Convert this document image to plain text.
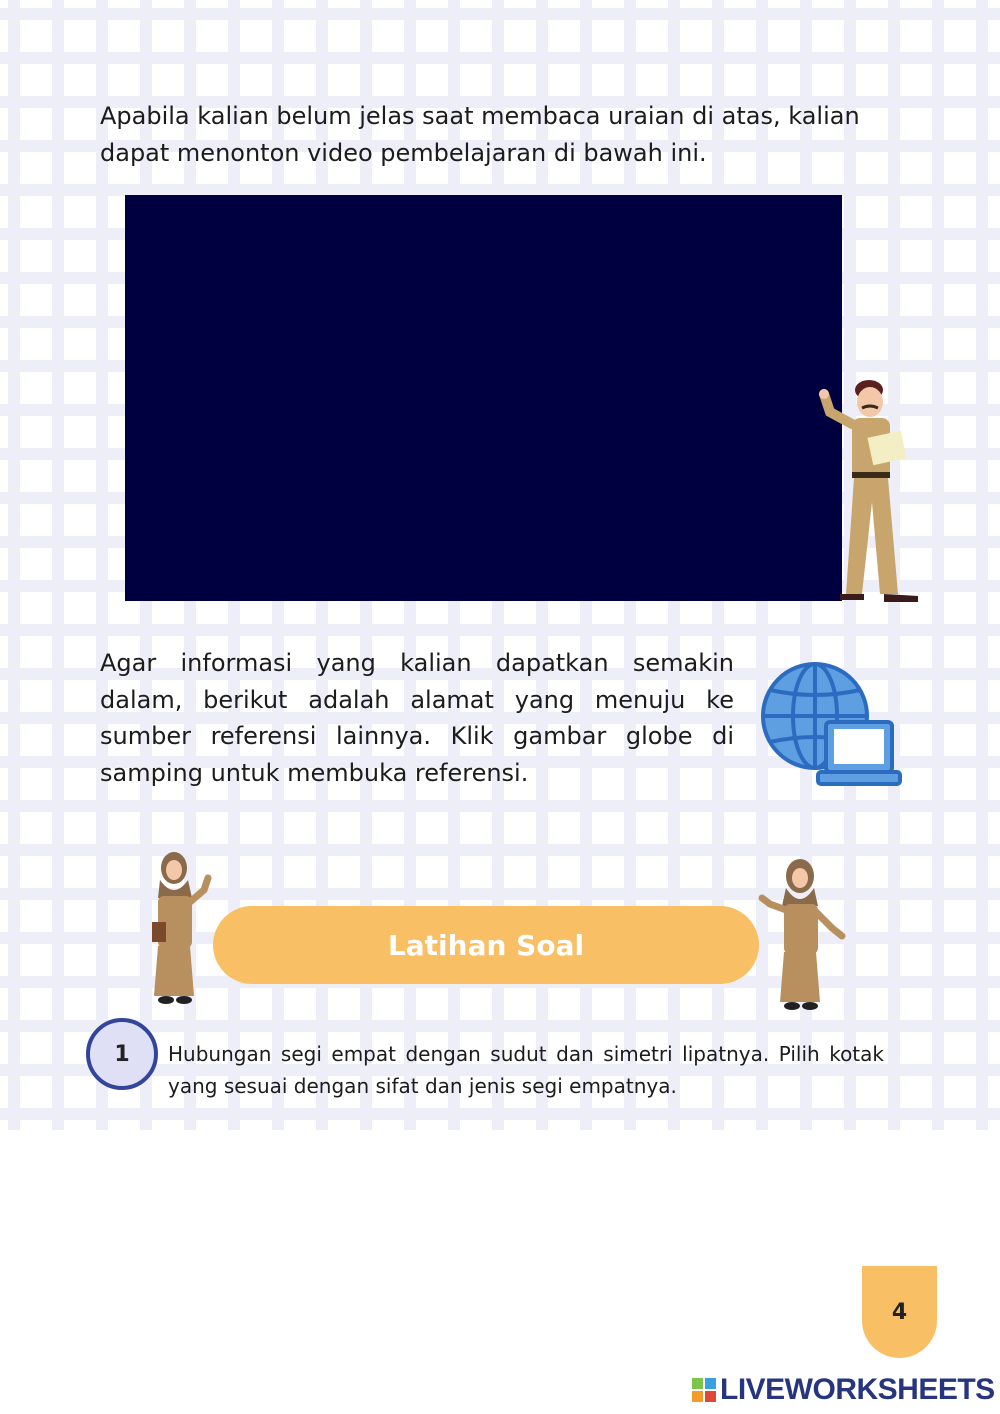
Apabila kalian belum jelas saat membaca uraian di atas, kalian dapat menonton video pembelajaran di bawah ini.

Agar informasi yang kalian dapatkan semakin dalam, berikut adalah alamat yang menuju ke sumber referensi lainnya. Klik gambar globe di samping untuk membuka referensi.

Latihan Soal
1	Hubungan segi empat dengan sudut dan simetri lipatnya. Pilih kotak yang sesuai dengan sifat dan jenis segi empatnya.

4
LIVEWORKSHEETS
